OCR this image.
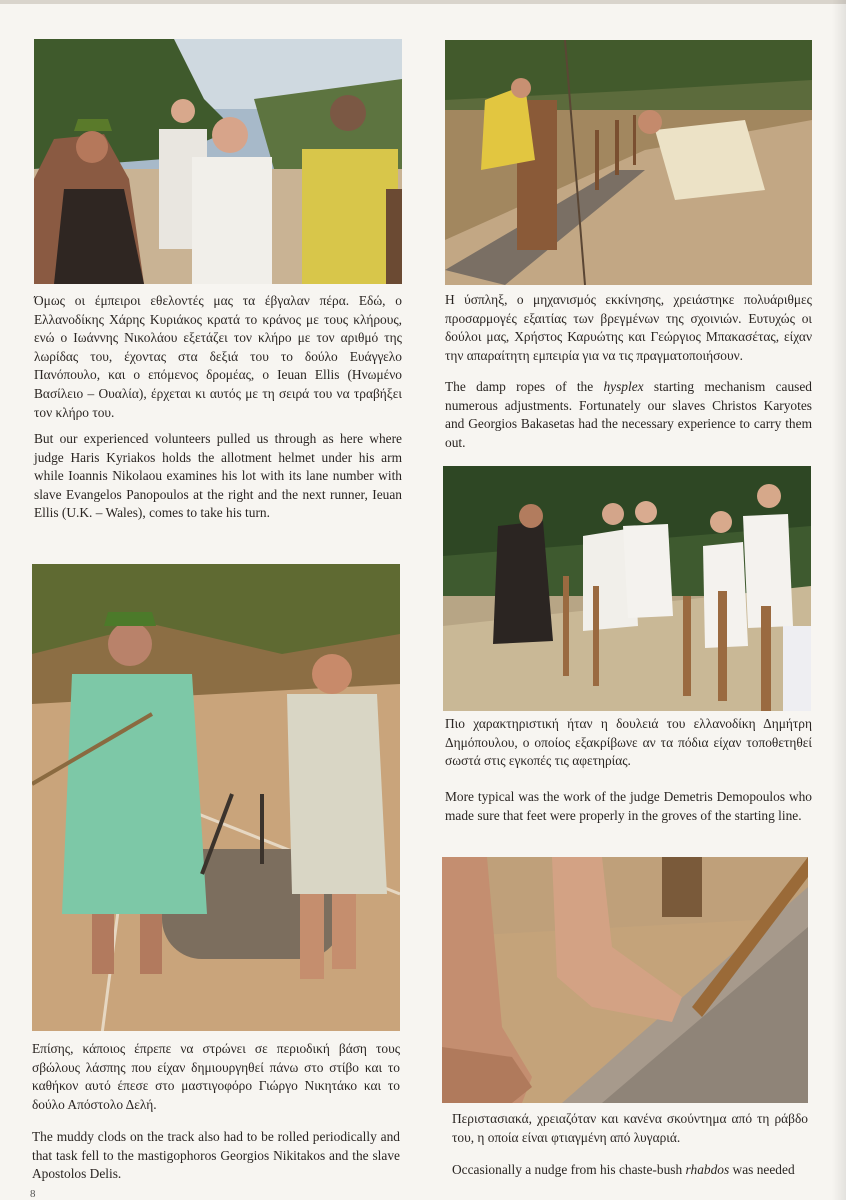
Όμως οι έμπειροι εθελοντές μας τα έβγαλαν πέρα. Εδώ, ο Ελλανοδίκης Χάρης Κυριάκος κρατά το κράνος με τους κλήρους, ενώ ο Ιωάννης Νικολάου εξετάζει τον κλήρο με τον αριθμό της λωρίδας του, έχοντας στα δεξιά του το δούλο Ευάγγελο Πανόπουλο, και ο επόμενος δρομέας, ο Ieuan Ellis (Ηνωμένο Βασίλειο – Ουαλία), έρχεται κι αυτός με τη σειρά του να τραβήξει τον κλήρο του.

But our experienced volunteers pulled us through as here where judge Haris Kyriakos holds the allotment helmet under his arm while Ioannis Nikolaou examines his lot with its lane number with slave Evangelos Panopoulos at the right and the next runner, Ieuan Ellis (U.K. – Wales), comes to take his turn.

Η ύσπληξ, ο μηχανισμός εκκίνησης, χρειάστηκε πολυάριθμες προσαρμογές εξαιτίας των βρεγμένων της σχοινιών. Ευτυχώς οι δούλοι μας, Χρήστος Καρυώτης και Γεώργιος Μπακασέτας, είχαν την απαραίτητη εμπειρία για να τις πραγματοποιήσουν.

The damp ropes of the hysplex starting mechanism caused numerous adjustments. Fortunately our slaves Christos Karyotes and Georgios Bakasetas had the necessary experience to carry them out.

Επίσης, κάποιος έπρεπε να στρώνει σε περιοδική βάση τους σβώλους λάσπης που είχαν δημιουργηθεί πάνω στο στίβο και το καθήκον αυτό έπεσε στο μαστιγοφόρο Γιώργο Νικητάκο και το δούλο Απόστολο Δελή.

The muddy clods on the track also had to be rolled periodically and that task fell to the mastigophoros Georgios Nikitakos and the slave Apostolos Delis.

Πιο χαρακτηριστική ήταν η δουλειά του ελλανοδίκη Δημήτρη Δημόπουλου, ο οποίος εξακρίβωνε αν τα πόδια είχαν τοποθετηθεί σωστά στις εγκοπές τις αφετηρίας.

More typical was the work of the judge Demetris Demopoulos who made sure that feet were properly in the groves of the starting line.

Περιστασιακά, χρειαζόταν και κανένα σκούντημα από τη ράβδο του, η οποία είναι φτιαγμένη από λυγαριά.

Occasionally a nudge from his chaste-bush rhabdos was needed

8
